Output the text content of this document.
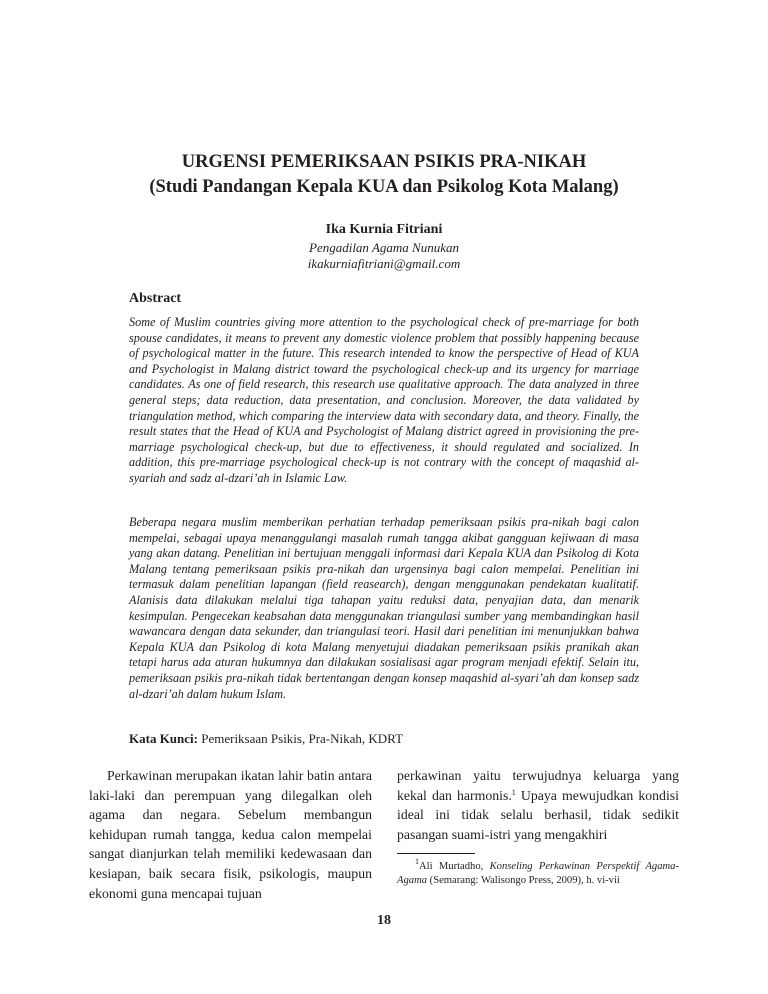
URGENSI PEMERIKSAAN PSIKIS PRA-NIKAH
(Studi Pandangan Kepala KUA dan Psikolog Kota Malang)
Ika Kurnia Fitriani
Pengadilan Agama Nunukan
ikakurniafitriani@gmail.com
Abstract

Some of Muslim countries giving more attention to the psychological check of pre-marriage for both spouse candidates, it means to prevent any domestic violence problem that possibly happening because of psychological matter in the future. This research intended to know the perspective of Head of KUA and Psychologist in Malang district toward the psychological check-up and its urgency for marriage candidates. As one of field research, this research use qualitative approach. The data analyzed in three general steps; data reduction, data presentation, and conclusion. Moreover, the data validated by triangulation method, which comparing the interview data with secondary data, and theory. Finally, the result states that the Head of KUA and Psychologist of Malang district agreed in provisioning the pre-marriage psychological check-up, but due to effectiveness, it should regulated and socialized. In addition, this pre-marriage psychological check-up is not contrary with the concept of maqashid al-syariah and sadz al-dzari’ah in Islamic Law.

Beberapa negara muslim memberikan perhatian terhadap pemeriksaan psikis pra-nikah bagi calon mempelai, sebagai upaya menanggulangi masalah rumah tangga akibat gangguan kejiwaan di masa yang akan datang. Penelitian ini bertujuan menggali informasi dari Kepala KUA dan Psikolog di Kota Malang tentang pemeriksaan psikis pra-nikah dan urgensinya bagi calon mempelai. Penelitian ini termasuk dalam penelitian lapangan (field reasearch), dengan menggunakan pendekatan kualitatif. Alanisis data dilakukan melalui tiga tahapan yaitu reduksi data, penyajian data, dan menarik kesimpulan. Pengecekan keabsahan data menggunakan triangulasi sumber yang membandingkan hasil wawancara dengan data sekunder, dan triangulasi teori. Hasil dari penelitian ini menunjukkan bahwa Kepala KUA dan Psikolog di kota Malang menyetujui diadakan pemeriksaan psikis pranikah akan tetapi harus ada aturan hukumnya dan dilakukan sosialisasi agar program menjadi efektif. Selain itu, pemeriksaan psikis pra-nikah tidak bertentangan dengan konsep maqashid al-syari’ah dan konsep sadz al-dzari’ah dalam hukum Islam.

Kata Kunci: Pemeriksaan Psikis, Pra-Nikah, KDRT

Perkawinan merupakan ikatan lahir batin antara laki-laki dan perempuan yang dilegalkan oleh agama dan negara. Sebelum membangun kehidupan rumah tangga, kedua calon mempelai sangat dianjurkan telah memiliki kedewasaan dan kesiapan, baik secara fisik, psikologis, maupun ekonomi guna mencapai tujuan

perkawinan yaitu terwujudnya keluarga yang kekal dan harmonis.$^1$ Upaya mewujudkan kondisi ideal ini tidak selalu berhasil, tidak sedikit pasangan suami-istri yang mengakhiri

$^1$Ali Murtadho, Konseling Perkawinan Perspektif Agama-Agama (Semarang: Walisongo Press, 2009), h. vi-vii

18
